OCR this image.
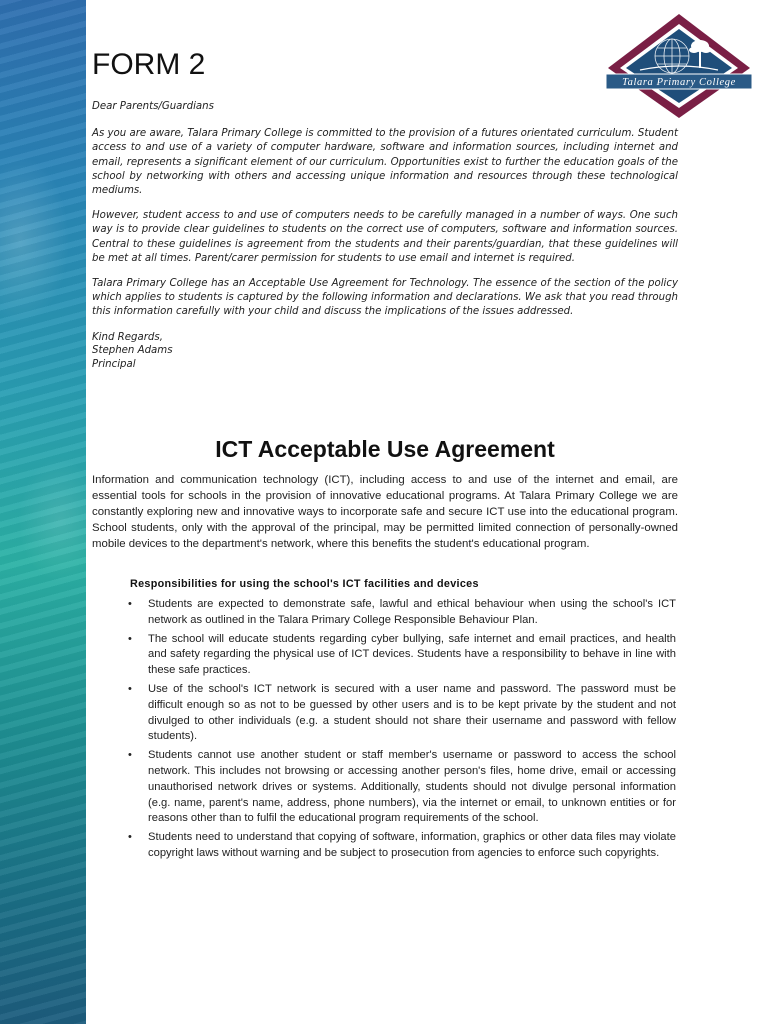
Talara Primary College
FORM 2

Dear Parents/Guardians

As you are aware, Talara Primary College is committed to the provision of a futures orientated curriculum. Student access to and use of a variety of computer hardware, software and information sources, including internet and email, represents a significant element of our curriculum. Opportunities exist to further the education goals of the school by networking with others and accessing unique information and resources through these technological mediums.

However, student access to and use of computers needs to be carefully managed in a number of ways. One such way is to provide clear guidelines to students on the correct use of computers, software and information sources. Central to these guidelines is agreement from the students and their parents/guardian, that these guidelines will be met at all times. Parent/carer permission for students to use email and internet is required.

Talara Primary College has an Acceptable Use Agreement for Technology. The essence of the section of the policy which applies to students is captured by the following information and declarations. We ask that you read through this information carefully with your child and discuss the implications of the issues addressed.

Kind Regards,

Stephen Adams

Principal

ICT Acceptable Use Agreement

Information and communication technology (ICT), including access to and use of the internet and email, are essential tools for schools in the provision of innovative educational programs. At Talara Primary College we are constantly exploring new and innovative ways to incorporate safe and secure ICT use into the educational program. School students, only with the approval of the principal, may be permitted limited connection of personally-owned mobile devices to the department's network, where this benefits the student's educational program.

Responsibilities for using the school's ICT facilities and devices

• Students are expected to demonstrate safe, lawful and ethical behaviour when using the school's ICT network as outlined in the Talara Primary College Responsible Behaviour Plan.
• The school will educate students regarding cyber bullying, safe internet and email practices, and health and safety regarding the physical use of ICT devices. Students have a responsibility to behave in line with these safe practices.
• Use of the school's ICT network is secured with a user name and password. The password must be difficult enough so as not to be guessed by other users and is to be kept private by the student and not divulged to other individuals (e.g. a student should not share their username and password with fellow students).
• Students cannot use another student or staff member's username or password to access the school network. This includes not browsing or accessing another person's files, home drive, email or accessing unauthorised network drives or systems. Additionally, students should not divulge personal information (e.g. name, parent's name, address, phone numbers), via the internet or email, to unknown entities or for reasons other than to fulfil the educational program requirements of the school.
• Students need to understand that copying of software, information, graphics or other data files may violate copyright laws without warning and be subject to prosecution from agencies to enforce such copyrights.
